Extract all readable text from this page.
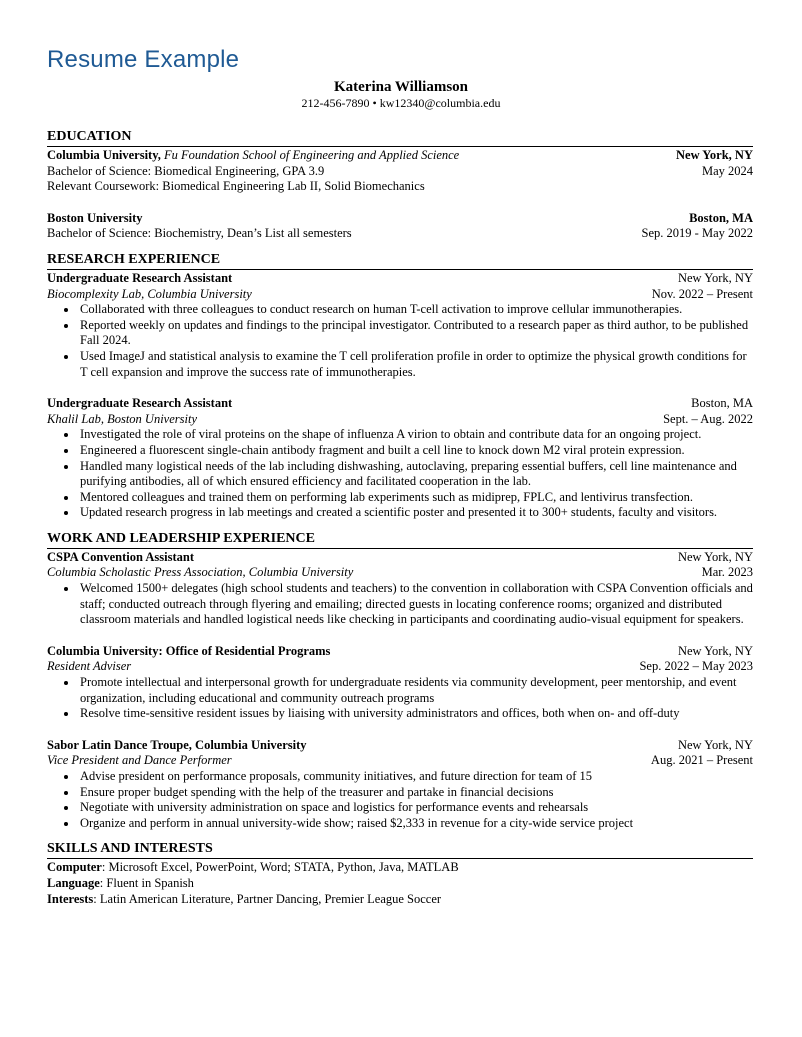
Resume Example
Katerina Williamson
212-456-7890 • kw12340@columbia.edu
EDUCATION
Columbia University, Fu Foundation School of Engineering and Applied Science	New York, NY
Bachelor of Science: Biomedical Engineering, GPA 3.9	May 2024
Relevant Coursework: Biomedical Engineering Lab II, Solid Biomechanics
Boston University	Boston, MA
Bachelor of Science: Biochemistry, Dean’s List all semesters	Sep. 2019 - May 2022
RESEARCH EXPERIENCE
Undergraduate Research Assistant	New York, NY
Biocomplexity Lab, Columbia University	Nov. 2022 – Present
• Collaborated with three colleagues to conduct research on human T-cell activation to improve cellular immunotherapies.
• Reported weekly on updates and findings to the principal investigator. Contributed to a research paper as third author, to be published Fall 2024.
• Used ImageJ and statistical analysis to examine the T cell proliferation profile in order to optimize the physical growth conditions for T cell expansion and improve the success rate of immunotherapies.
Undergraduate Research Assistant	Boston, MA
Khalil Lab, Boston University	Sept. – Aug. 2022
• Investigated the role of viral proteins on the shape of influenza A virion to obtain and contribute data for an ongoing project.
• Engineered a fluorescent single-chain antibody fragment and built a cell line to knock down M2 viral protein expression.
• Handled many logistical needs of the lab including dishwashing, autoclaving, preparing essential buffers, cell line maintenance and purifying antibodies, all of which ensured efficiency and facilitated cooperation in the lab.
• Mentored colleagues and trained them on performing lab experiments such as midiprep, FPLC, and lentivirus transfection.
• Updated research progress in lab meetings and created a scientific poster and presented it to 300+ students, faculty and visitors.
WORK AND LEADERSHIP EXPERIENCE
CSPA Convention Assistant	New York, NY
Columbia Scholastic Press Association, Columbia University	Mar. 2023
• Welcomed 1500+ delegates (high school students and teachers) to the convention in collaboration with CSPA Convention officials and staff; conducted outreach through flyering and emailing; directed guests in locating conference rooms; organized and distributed classroom materials and handled logistical needs like checking in participants and coordinating audio-visual equipment for speakers.
Columbia University: Office of Residential Programs	New York, NY
Resident Adviser	Sep. 2022 – May 2023
• Promote intellectual and interpersonal growth for undergraduate residents via community development, peer mentorship, and event organization, including educational and community outreach programs
• Resolve time-sensitive resident issues by liaising with university administrators and offices, both when on- and off-duty
Sabor Latin Dance Troupe, Columbia University	New York, NY
Vice President and Dance Performer	Aug. 2021 – Present
• Advise president on performance proposals, community initiatives, and future direction for team of 15
• Ensure proper budget spending with the help of the treasurer and partake in financial decisions
• Negotiate with university administration on space and logistics for performance events and rehearsals
• Organize and perform in annual university-wide show; raised $2,333 in revenue for a city-wide service project
SKILLS AND INTERESTS
Computer: Microsoft Excel, PowerPoint, Word; STATA, Python, Java, MATLAB
Language: Fluent in Spanish
Interests: Latin American Literature, Partner Dancing, Premier League Soccer
